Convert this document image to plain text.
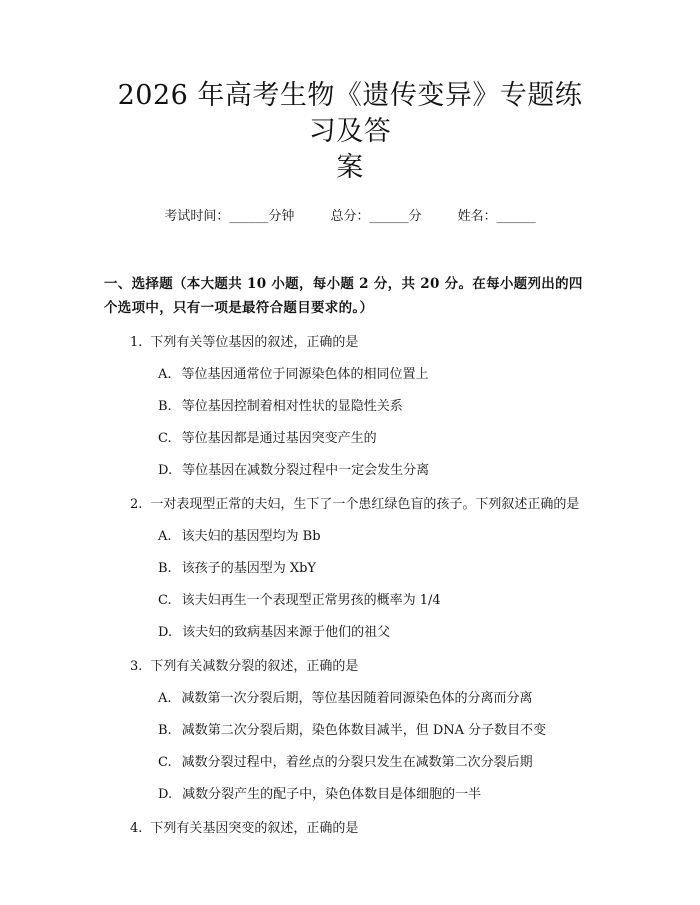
2026 年高考生物《遗传变异》专题练习及答
案
考试时间：______分钟	总分：______分	姓名：______
一、选择题（本大题共 10 小题，每小题 2 分，共 20 分。在每小题列出的四个选项中，只有一项是最符合题目要求的。）

1. 下列有关等位基因的叙述，正确的是

A. 等位基因通常位于同源染色体的相同位置上
B. 等位基因控制着相对性状的显隐性关系
C. 等位基因都是通过基因突变产生的
D. 等位基因在减数分裂过程中一定会发生分离

2. 一对表现型正常的夫妇，生下了一个患红绿色盲的孩子。下列叙述正确的是

A. 该夫妇的基因型均为 Bb
B. 该孩子的基因型为 XbY
C. 该夫妇再生一个表现型正常男孩的概率为 1/4
D. 该夫妇的致病基因来源于他们的祖父

3. 下列有关减数分裂的叙述，正确的是

A. 减数第一次分裂后期，等位基因随着同源染色体的分离而分离
B. 减数第二次分裂后期，染色体数目减半，但 DNA 分子数目不变
C. 减数分裂过程中，着丝点的分裂只发生在减数第二次分裂后期
D. 减数分裂产生的配子中，染色体数目是体细胞的一半

4. 下列有关基因突变的叙述，正确的是
